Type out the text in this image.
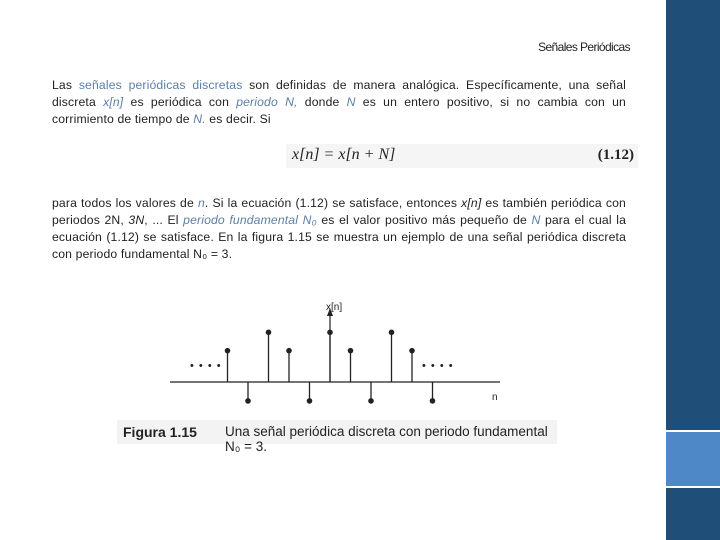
Señales Periódicas

Las señales periódicas discretas son definidas de manera analógica. Específicamente, una señal discreta x[n] es periódica con periodo N, donde N es un entero positivo, si no cambia con un corrimiento de tiempo de N. es decir. Si

x[n] = x[n + N]	(1.12)

para todos los valores de n. Si la ecuación (1.12) se satisface, entonces x[n] es también periódica con periodos 2N, 3N, ... El periodo fundamental N₀ es el valor positivo más pequeño de N para el cual la ecuación (1.12) se satisface. En la figura 1.15 se muestra un ejemplo de una señal periódica discreta con periodo fundamental N₀ = 3.

x[n]
n
• • • •	• • • •
Figura 1.15 Una señal periódica discreta con periodo fundamental N₀ = 3.
